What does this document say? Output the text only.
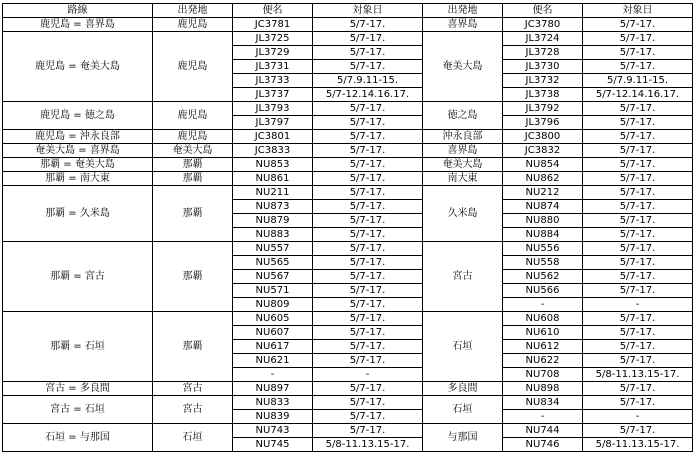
路線	出発地	便名	対象日	出発地	便名	対象日
鹿児島 = 喜界島	鹿児島	JC3781	5/7-17.	喜界島	JC3780	5/7-17.
鹿児島 = 奄美大島	鹿児島	JL3725	5/7-17.	奄美大島	JL3724	5/7-17.
		JL3729	5/7-17.		JL3728	5/7-17.
		JL3731	5/7-17.		JL3730	5/7-17.
		JL3733	5/7.9.11-15.		JL3732	5/7.9.11-15.
		JL3737	5/7-12.14.16.17.		JL3738	5/7-12.14.16.17.
鹿児島 = 徳之島	鹿児島	JL3793	5/7-17.	徳之島	JL3792	5/7-17.
		JL3797	5/7-17.		JL3796	5/7-17.
鹿児島 = 沖永良部	鹿児島	JC3801	5/7-17.	沖永良部	JC3800	5/7-17.
奄美大島 = 喜界島	奄美大島	JC3833	5/7-17.	喜界島	JC3832	5/7-17.
那覇 = 奄美大島	那覇	NU853	5/7-17.	奄美大島	NU854	5/7-17.
那覇 = 南大東	那覇	NU861	5/7-17.	南大東	NU862	5/7-17.
那覇 = 久米島	那覇	NU211	5/7-17.	久米島	NU212	5/7-17.
		NU873	5/7-17.		NU874	5/7-17.
		NU879	5/7-17.		NU880	5/7-17.
		NU883	5/7-17.		NU884	5/7-17.
那覇 = 宮古	那覇	NU557	5/7-17.	宮古	NU556	5/7-17.
		NU565	5/7-17.		NU558	5/7-17.
		NU567	5/7-17.		NU562	5/7-17.
		NU571	5/7-17.		NU566	5/7-17.
		NU809	5/7-17.		-	-
那覇 = 石垣	那覇	NU605	5/7-17.	石垣	NU608	5/7-17.
		NU607	5/7-17.		NU610	5/7-17.
		NU617	5/7-17.		NU612	5/7-17.
		NU621	5/7-17.		NU622	5/7-17.
		-	-		NU708	5/8-11.13.15-17.
宮古 = 多良間	宮古	NU897	5/7-17.	多良間	NU898	5/7-17.
宮古 = 石垣	宮古	NU833	5/7-17.	石垣	NU834	5/7-17.
		NU839	5/7-17.		-	-
石垣 = 与那国	石垣	NU743	5/7-17.	与那国	NU744	5/7-17.
		NU745	5/8-11.13.15-17.		NU746	5/8-11.13.15-17.
